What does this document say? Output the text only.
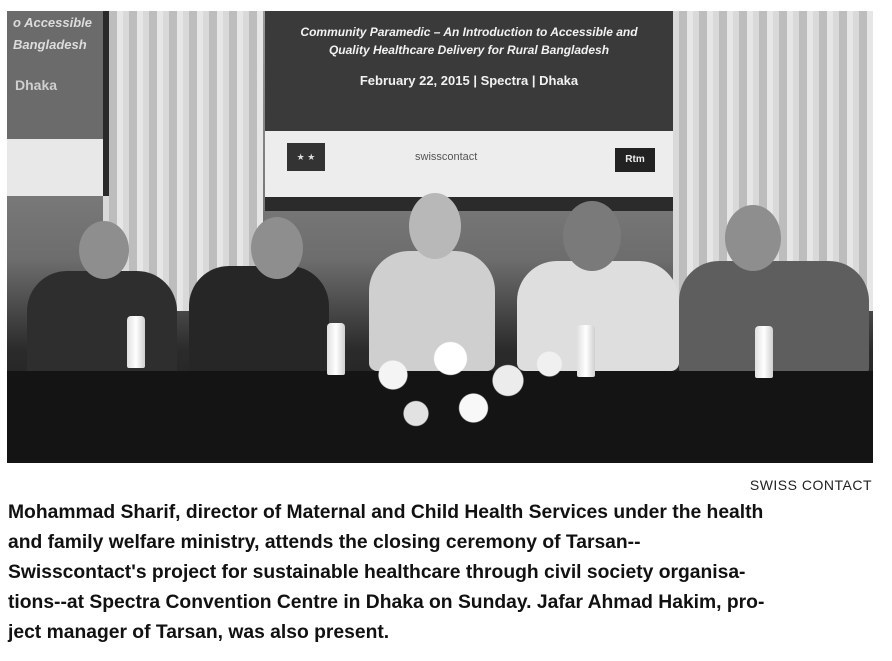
o Accessible
Bangladesh
Dhaka
Community Paramedic – An Introduction to Accessible and
Quality Healthcare Delivery for Rural Bangladesh
February 22, 2015 | Spectra | Dhaka
★ ★	swisscontact	Rtm
SWISS CONTACT
Mohammad Sharif, director of Maternal and Child Health Services under the health
and family welfare ministry, attends the closing ceremony of Tarsan--
Swisscontact's project for sustainable healthcare through civil society organisa-
tions--at Spectra Convention Centre in Dhaka on Sunday. Jafar Ahmad Hakim, pro-
ject manager of Tarsan, was also present.
